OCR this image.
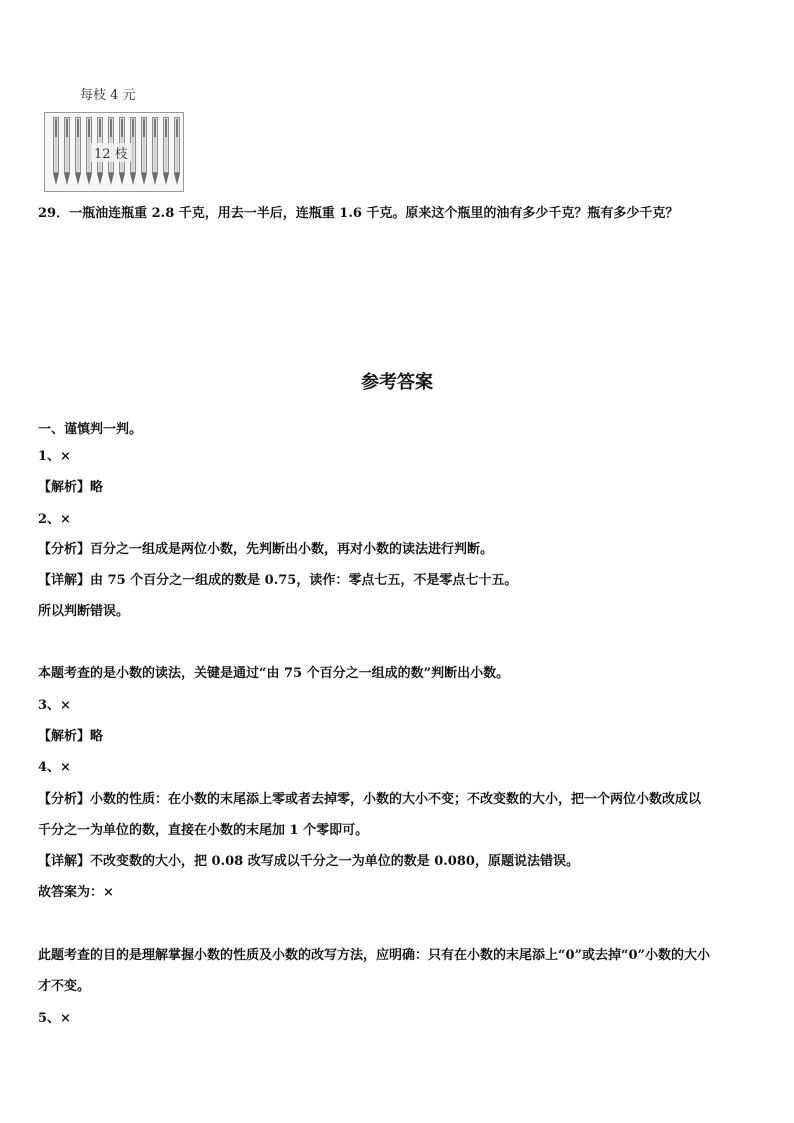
每枝 4 元
12 枝
29．一瓶油连瓶重 2.8 千克，用去一半后，连瓶重 1.6 千克。原来这个瓶里的油有多少千克？瓶有多少千克？
参考答案
一、谨慎判一判。
1、×
【解析】略
2、×
【分析】百分之一组成是两位小数，先判断出小数，再对小数的读法进行判断。
【详解】由 75 个百分之一组成的数是 0.75，读作：零点七五，不是零点七十五。
所以判断错误。
本题考查的是小数的读法，关键是通过“由 75 个百分之一组成的数”判断出小数。
3、×
【解析】略
4、×
【分析】小数的性质：在小数的末尾添上零或者去掉零，小数的大小不变；不改变数的大小，把一个两位小数改成以
千分之一为单位的数，直接在小数的末尾加 1 个零即可。
【详解】不改变数的大小，把 0.08 改写成以千分之一为单位的数是 0.080，原题说法错误。
故答案为：×
此题考查的目的是理解掌握小数的性质及小数的改写方法，应明确：只有在小数的末尾添上“0”或去掉“0”小数的大小
才不变。
5、×
